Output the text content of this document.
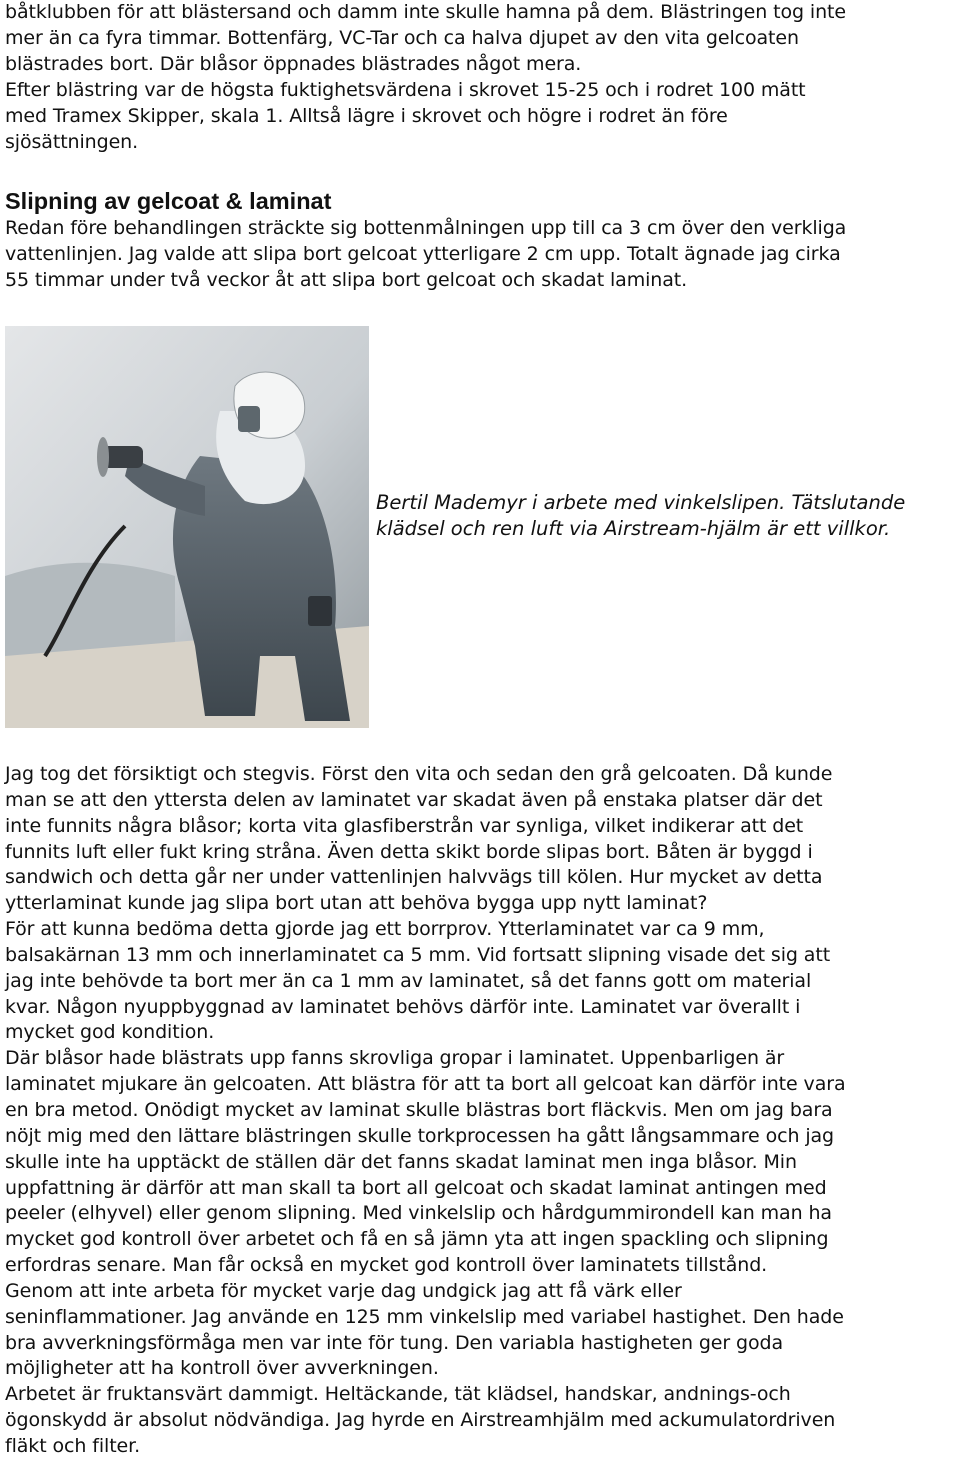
båtklubben för att blästersand och damm inte skulle hamna på dem. Blästringen tog inte
mer än ca fyra timmar. Bottenfärg, VC-Tar och ca halva djupet av den vita gelcoaten
blästrades bort. Där blåsor öppnades blästrades något mera.
Efter blästring var de högsta fuktighetsvärdena i skrovet 15-25 och i rodret 100 mätt
med Tramex Skipper, skala 1. Alltså lägre i skrovet och högre i rodret än före
sjösättningen.

Slipning av gelcoat & laminat

Redan före behandlingen sträckte sig bottenmålningen upp till ca 3 cm över den verkliga
vattenlinjen. Jag valde att slipa bort gelcoat ytterligare 2 cm upp. Totalt ägnade jag cirka
55 timmar under två veckor åt att slipa bort gelcoat och skadat laminat.

Bertil Mademyr i arbete med vinkelslipen. Tätslutande
klädsel och ren luft via Airstream-hjälm är ett villkor.

Jag tog det försiktigt och stegvis. Först den vita och sedan den grå gelcoaten. Då kunde
man se att den yttersta delen av laminatet var skadat även på enstaka platser där det
inte funnits några blåsor; korta vita glasfiberstrån var synliga, vilket indikerar att det
funnits luft eller fukt kring stråna. Även detta skikt borde slipas bort. Båten är byggd i
sandwich och detta går ner under vattenlinjen halvvägs till kölen. Hur mycket av detta
ytterlaminat kunde jag slipa bort utan att behöva bygga upp nytt laminat?
För att kunna bedöma detta gjorde jag ett borrprov. Ytterlaminatet var ca 9 mm,
balsakärnan 13 mm och innerlaminatet ca 5 mm. Vid fortsatt slipning visade det sig att
jag inte behövde ta bort mer än ca 1 mm av laminatet, så det fanns gott om material
kvar. Någon nyuppbyggnad av laminatet behövs därför inte. Laminatet var överallt i
mycket god kondition.
Där blåsor hade blästrats upp fanns skrovliga gropar i laminatet. Uppenbarligen är
laminatet mjukare än gelcoaten. Att blästra för att ta bort all gelcoat kan därför inte vara
en bra metod. Onödigt mycket av laminat skulle blästras bort fläckvis. Men om jag bara
nöjt mig med den lättare blästringen skulle torkprocessen ha gått långsammare och jag
skulle inte ha upptäckt de ställen där det fanns skadat laminat men inga blåsor. Min
uppfattning är därför att man skall ta bort all gelcoat och skadat laminat antingen med
peeler (elhyvel) eller genom slipning. Med vinkelslip och hårdgummirondell kan man ha
mycket god kontroll över arbetet och få en så jämn yta att ingen spackling och slipning
erfordras senare. Man får också en mycket god kontroll över laminatets tillstånd.
Genom att inte arbeta för mycket varje dag undgick jag att få värk eller
seninflammationer. Jag använde en 125 mm vinkelslip med variabel hastighet. Den hade
bra avverkningsförmåga men var inte för tung. Den variabla hastigheten ger goda
möjligheter att ha kontroll över avverkningen.
Arbetet är fruktansvärt dammigt. Heltäckande, tät klädsel, handskar, andnings-och
ögonskydd är absolut nödvändiga. Jag hyrde en Airstreamhjälm med ackumulatordriven
fläkt och filter.
